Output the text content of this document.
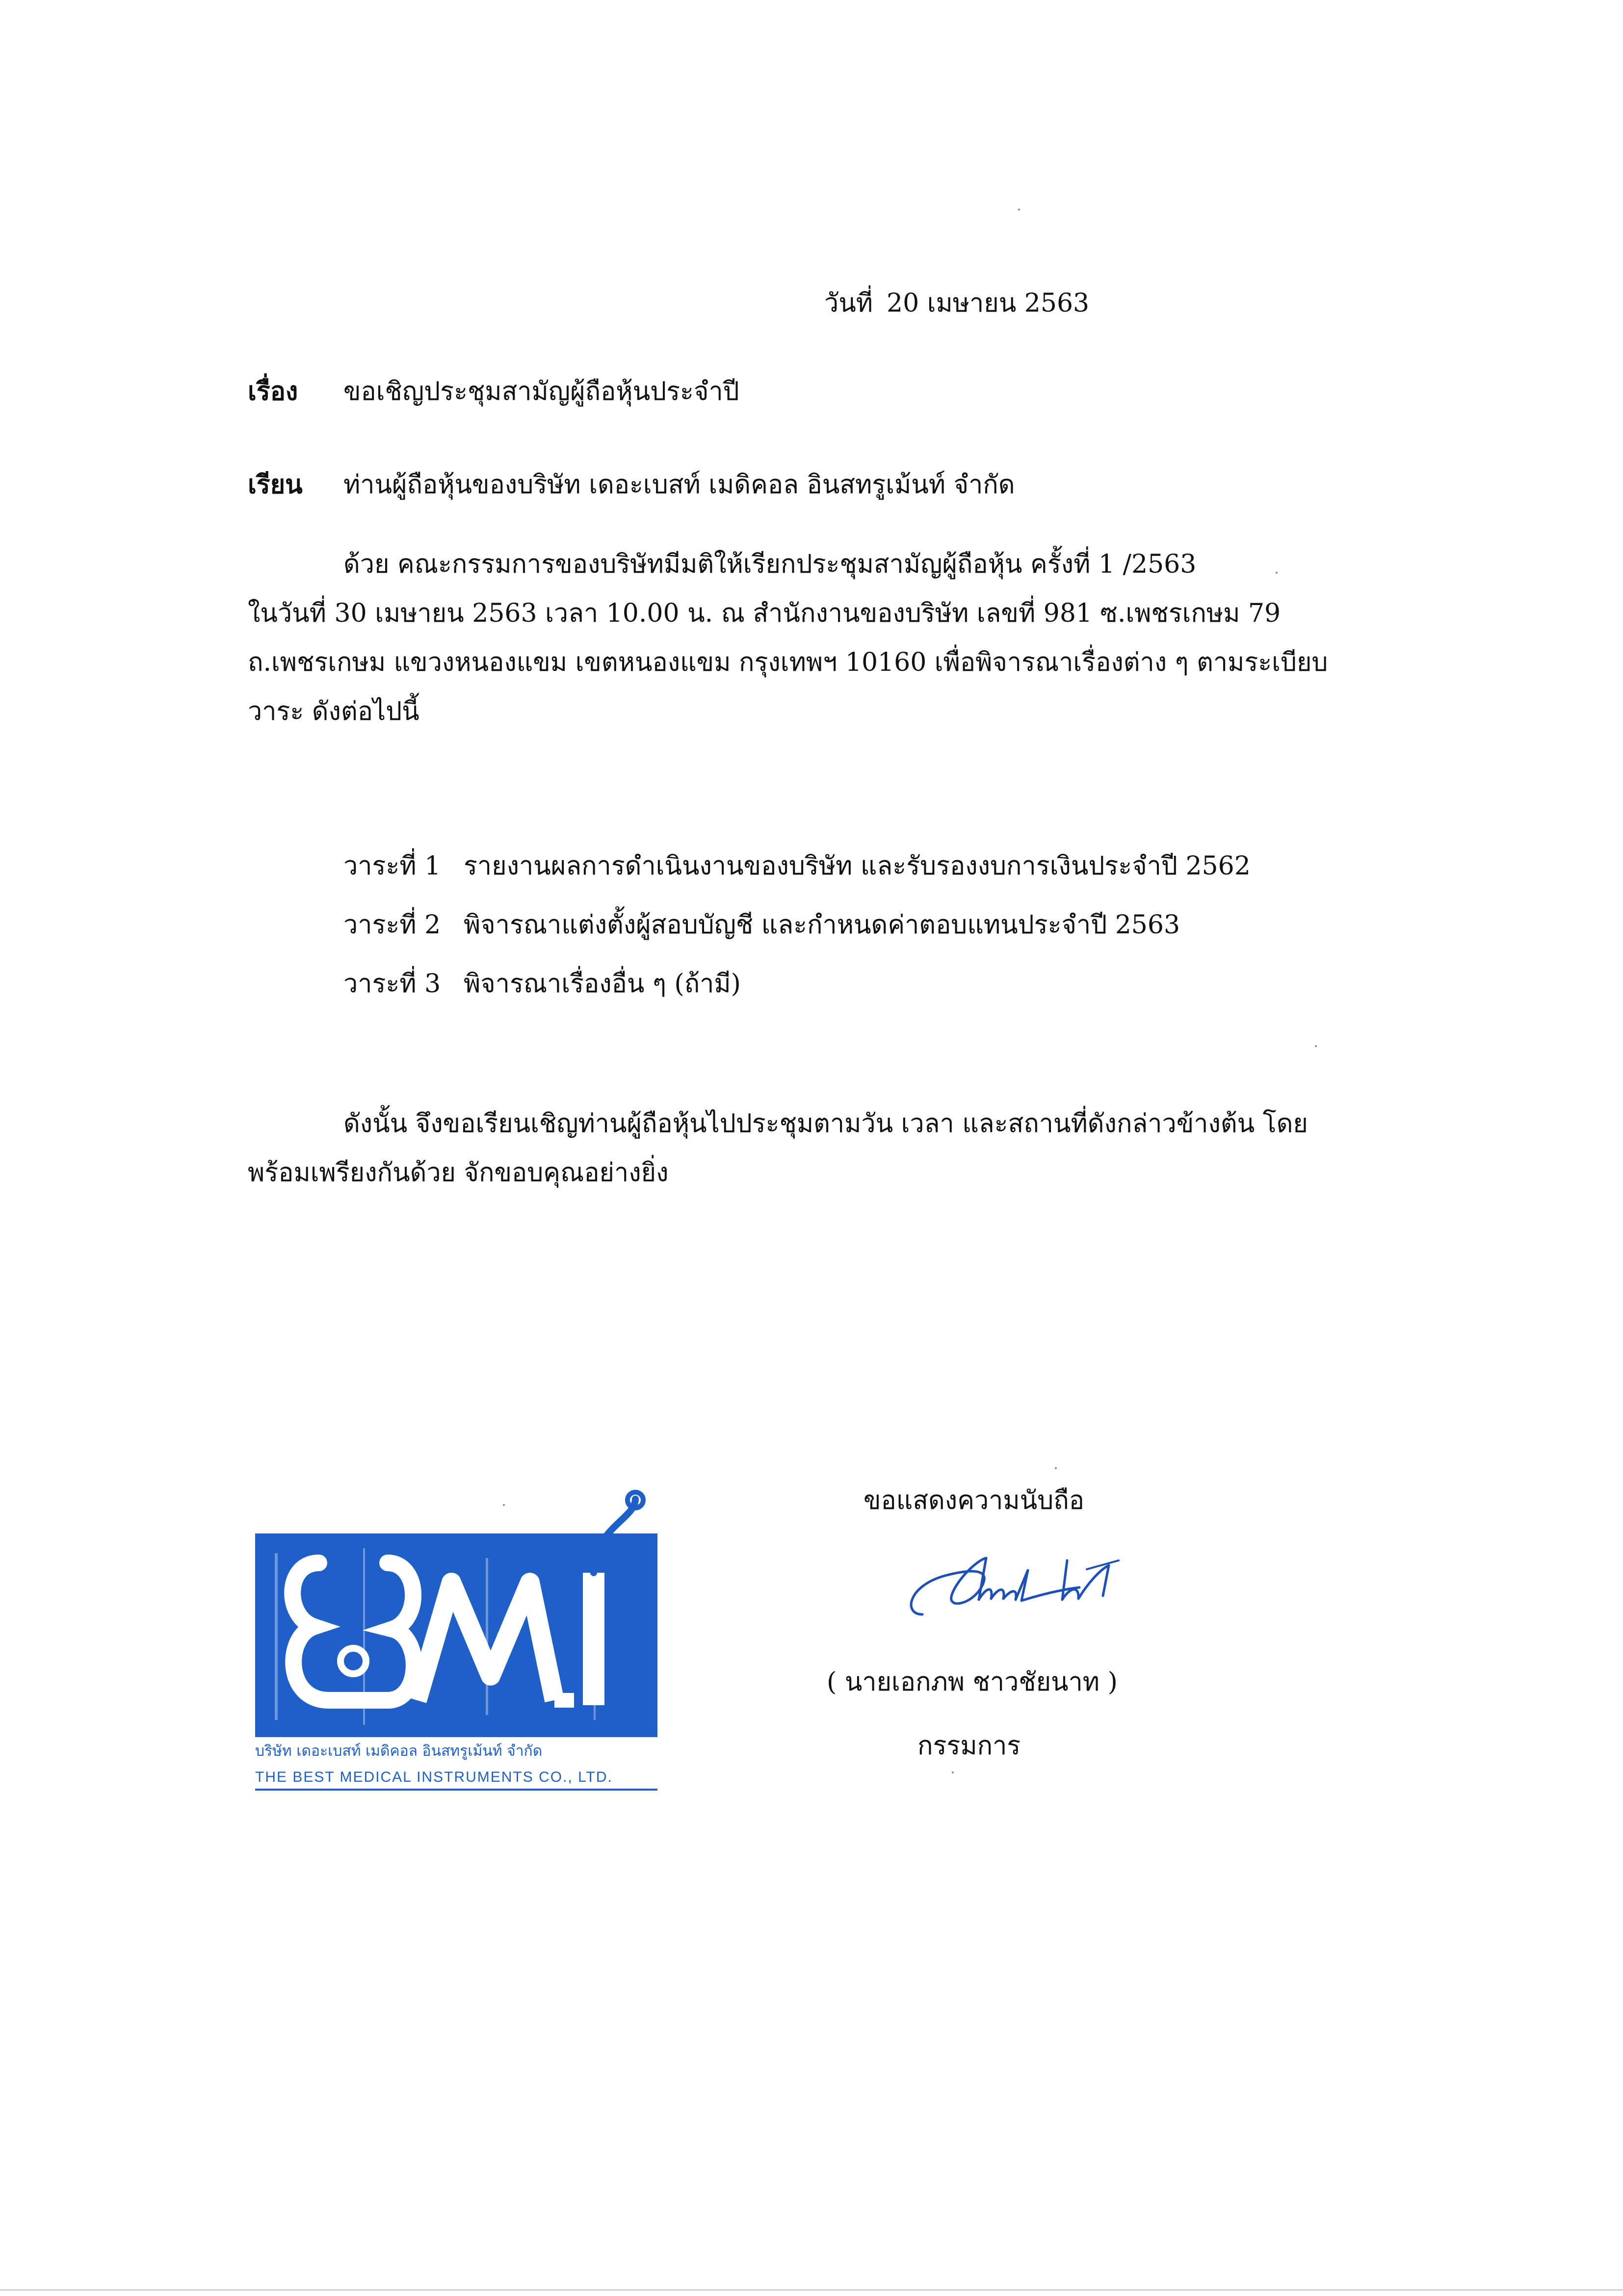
วันที่ 20 เมษายน 2563
เรื่อง ขอเชิญประชุมสามัญผู้ถือหุ้นประจำปี
เรียน ท่านผู้ถือหุ้นของบริษัท เดอะเบสท์ เมดิคอล อินสทรูเม้นท์ จำกัด
ด้วย คณะกรรมการของบริษัทมีมติให้เรียกประชุมสามัญผู้ถือหุ้น ครั้งที่ 1 /2563
ในวันที่ 30 เมษายน 2563 เวลา 10.00 น. ณ สำนักงานของบริษัท เลขที่ 981 ซ.เพชรเกษม 79
ถ.เพชรเกษม แขวงหนองแขม เขตหนองแขม กรุงเทพฯ 10160 เพื่อพิจารณาเรื่องต่าง ๆ ตามระเบียบ
วาระ ดังต่อไปนี้
วาระที่ 1 รายงานผลการดำเนินงานของบริษัท และรับรองงบการเงินประจำปี 2562
วาระที่ 2 พิจารณาแต่งตั้งผู้สอบบัญชี และกำหนดค่าตอบแทนประจำปี 2563
วาระที่ 3 พิจารณาเรื่องอื่น ๆ (ถ้ามี)
ดังนั้น จึงขอเรียนเชิญท่านผู้ถือหุ้นไปประชุมตามวัน เวลา และสถานที่ดังกล่าวข้างต้น โดย
พร้อมเพรียงกันด้วย จักขอบคุณอย่างยิ่ง
ขอแสดงความนับถือ
( นายเอกภพ ชาวชัยนาท )
กรรมการ
BMI
บริษัท เดอะเบสท์ เมดิคอล อินสทรูเม้นท์ จำกัด
THE BEST MEDICAL INSTRUMENTS CO., LTD.
